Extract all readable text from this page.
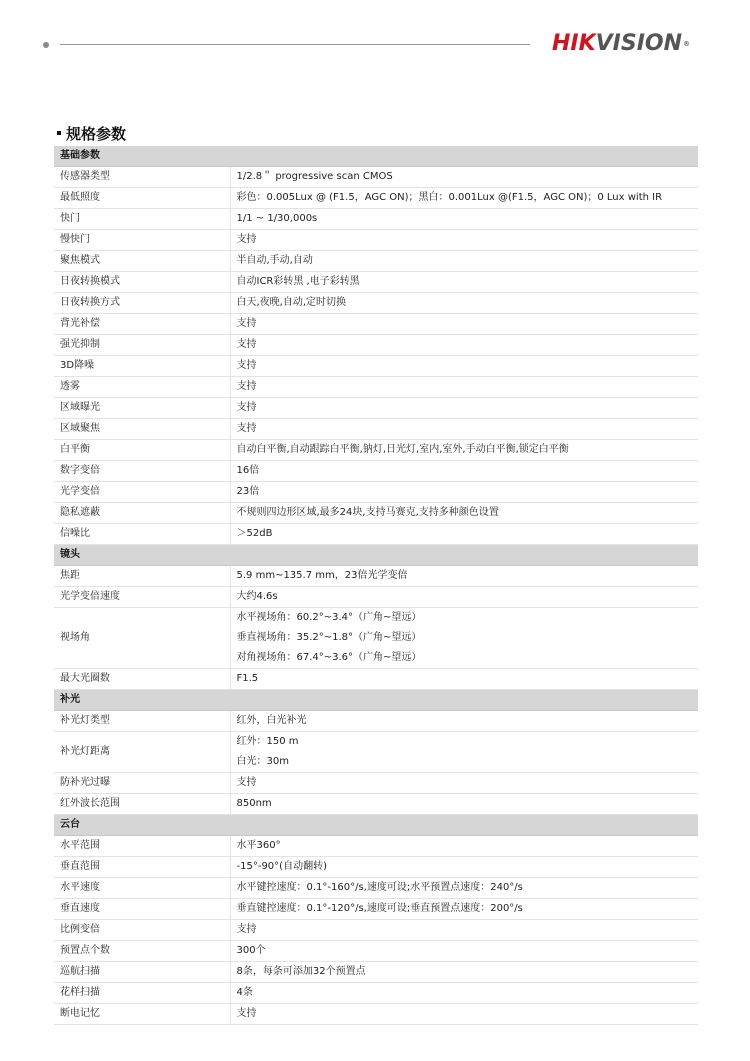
HIKVISION®
规格参数
基础参数	
传感器类型	1/2.8＂ progressive scan CMOS
最低照度	彩色：0.005Lux @ (F1.5，AGC ON)；黑白：0.001Lux @(F1.5，AGC ON)；0 Lux with IR
快门	1/1 ~ 1/30,000s
慢快门	支持
聚焦模式	半自动,手动,自动
日夜转换模式	自动ICR彩转黑 ,电子彩转黑
日夜转换方式	白天,夜晚,自动,定时切换
背光补偿	支持
强光抑制	支持
3D降噪	支持
透雾	支持
区域曝光	支持
区域聚焦	支持
白平衡	自动白平衡,自动跟踪白平衡,钠灯,日光灯,室内,室外,手动白平衡,锁定白平衡
数字变倍	16倍
光学变倍	23倍
隐私遮蔽	不规则四边形区域,最多24块,支持马赛克,支持多种颜色设置
信噪比	＞52dB
镜头	
焦距	5.9 mm~135.7 mm，23倍光学变倍
光学变倍速度	大约4.6s
视场角	水平视场角：60.2°~3.4°（广角~望远）
垂直视场角：35.2°~1.8°（广角~望远）
对角视场角：67.4°~3.6°（广角~望远）

最大光圈数	F1.5
补光	
补光灯类型	红外，白光补光
补光灯距离	红外：150 m
白光：30m

防补光过曝	支持
红外波长范围	850nm
云台	
水平范围	水平360°
垂直范围	-15°-90°(自动翻转)
水平速度	水平键控速度：0.1°-160°/s,速度可设;水平预置点速度：240°/s
垂直速度	垂直键控速度：0.1°-120°/s,速度可设;垂直预置点速度：200°/s
比例变倍	支持
预置点个数	300个
巡航扫描	8条，每条可添加32个预置点
花样扫描	4条
断电记忆	支持
